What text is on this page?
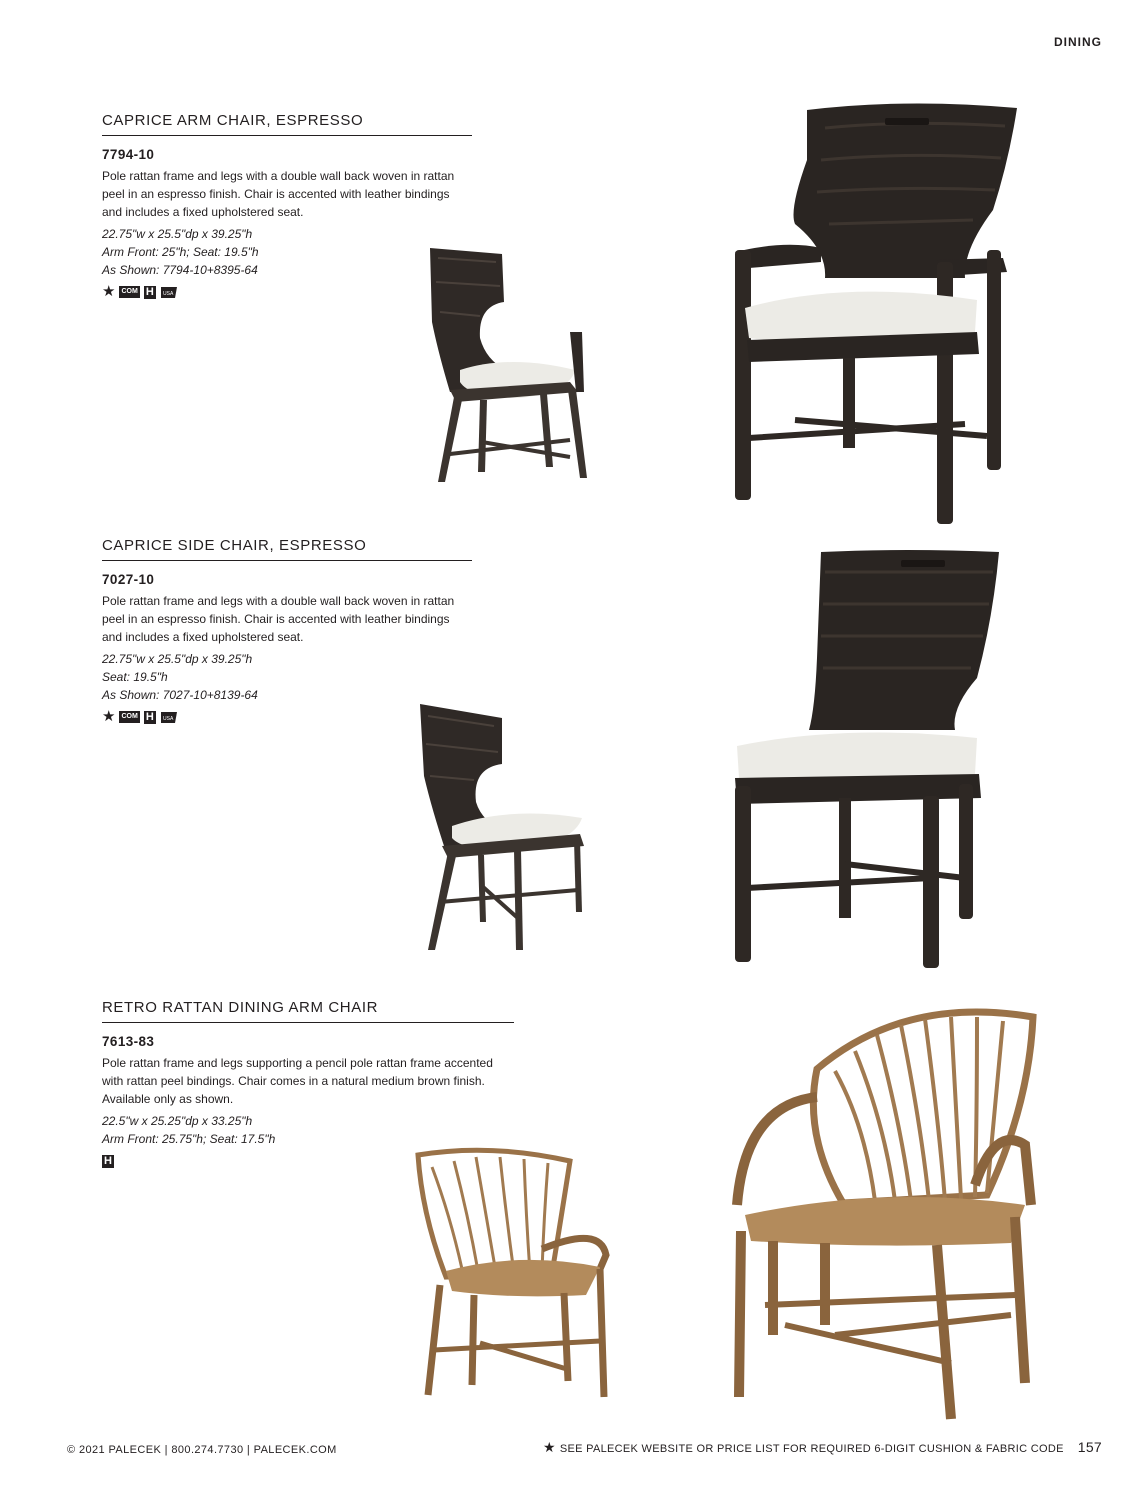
DINING
CAPRICE ARM CHAIR, ESPRESSO
7794-10
Pole rattan frame and legs with a double wall back woven in rattan peel in an espresso finish. Chair is accented with leather bindings and includes a fixed upholstered seat.
22.75"w x 25.5"dp x 39.25"h
Arm Front: 25"h; Seat: 19.5"h
As Shown: 7794-10+8395-64
★ COM H	USA
CAPRICE SIDE CHAIR, ESPRESSO
7027-10
Pole rattan frame and legs with a double wall back woven in rattan peel in an espresso finish. Chair is accented with leather bindings and includes a fixed upholstered seat.
22.75"w x 25.5"dp x 39.25"h
Seat: 19.5"h
As Shown: 7027-10+8139-64
★ COM H	USA
RETRO RATTAN DINING ARM CHAIR
7613-83
Pole rattan frame and legs supporting a pencil pole rattan frame accented with rattan peel bindings. Chair comes in a natural medium brown finish. Available only as shown.
22.5"w x 25.25"dp x 33.25"h
Arm Front: 25.75"h; Seat: 17.5"h
H
© 2021 PALECEK | 800.274.7730 | PALECEK.COM	★ SEE PALECEK WEBSITE OR PRICE LIST FOR REQUIRED 6-DIGIT CUSHION & FABRIC CODE 157
